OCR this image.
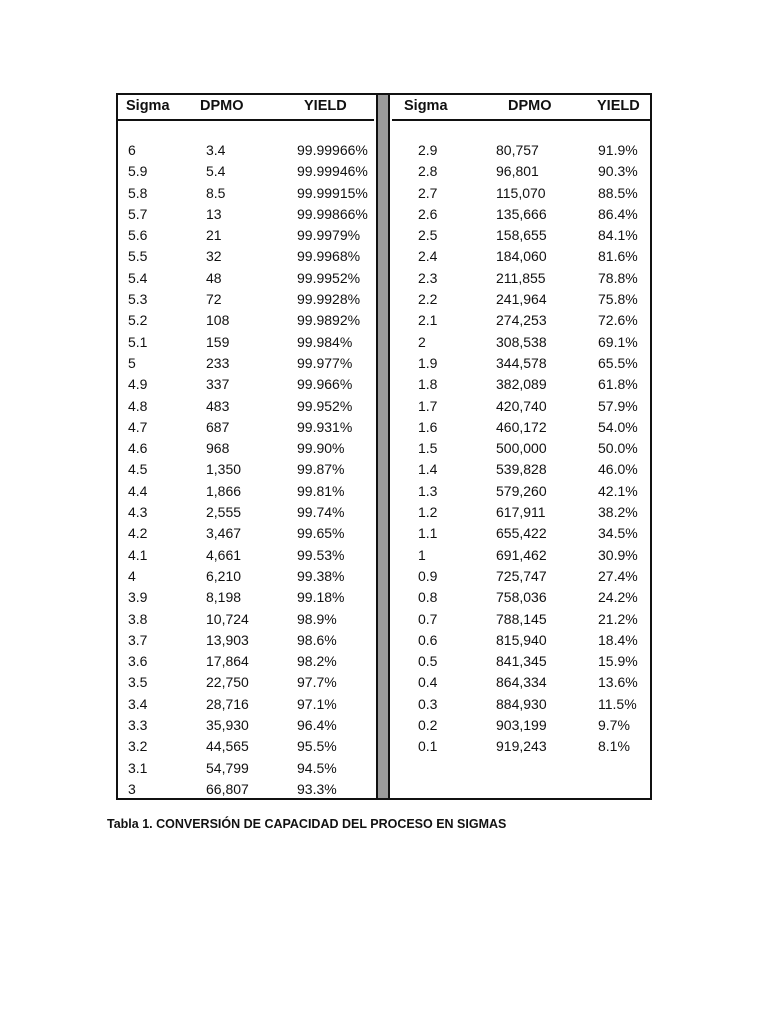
Sigma DPMO	YIELD
6	3.4	99.99966%
5.9	5.4	99.99946%
5.8	8.5	99.99915%
5.7	13	99.99866%
5.6	21	99.9979%
5.5	32	99.9968%
5.4	48	99.9952%
5.3	72	99.9928%
5.2	108	99.9892%
5.1	159	99.984%
5	233	99.977%
4.9	337	99.966%
4.8	483	99.952%
4.7	687	99.931%
4.6	968	99.90%
4.5	1,350	99.87%
4.4	1,866	99.81%
4.3	2,555	99.74%
4.2	3,467	99.65%
4.1	4,661	99.53%
4	6,210	99.38%
3.9	8,198	99.18%
3.8	10,724	98.9%
3.7	13,903	98.6%
3.6	17,864	98.2%
3.5	22,750	97.7%
3.4	28,716	97.1%
3.3	35,930	96.4%
3.2	44,565	95.5%
3.1	54,799	94.5%
3	66,807	93.3%
Sigma	DPMO	YIELD
2.9	80,757	91.9%
2.8	96,801	90.3%
2.7	115,070	88.5%
2.6	135,666	86.4%
2.5	158,655	84.1%
2.4	184,060	81.6%
2.3	211,855	78.8%
2.2	241,964	75.8%
2.1	274,253	72.6%
2	308,538	69.1%
1.9	344,578	65.5%
1.8	382,089	61.8%
1.7	420,740	57.9%
1.6	460,172	54.0%
1.5	500,000	50.0%
1.4	539,828	46.0%
1.3	579,260	42.1%
1.2	617,911	38.2%
1.1	655,422	34.5%
1	691,462	30.9%
0.9	725,747	27.4%
0.8	758,036	24.2%
0.7	788,145	21.2%
0.6	815,940	18.4%
0.5	841,345	15.9%
0.4	864,334	13.6%
0.3	884,930	11.5%
0.2	903,199	9.7%
0.1	919,243	8.1%
Tabla 1. CONVERSIÓN DE CAPACIDAD DEL PROCESO EN SIGMAS
